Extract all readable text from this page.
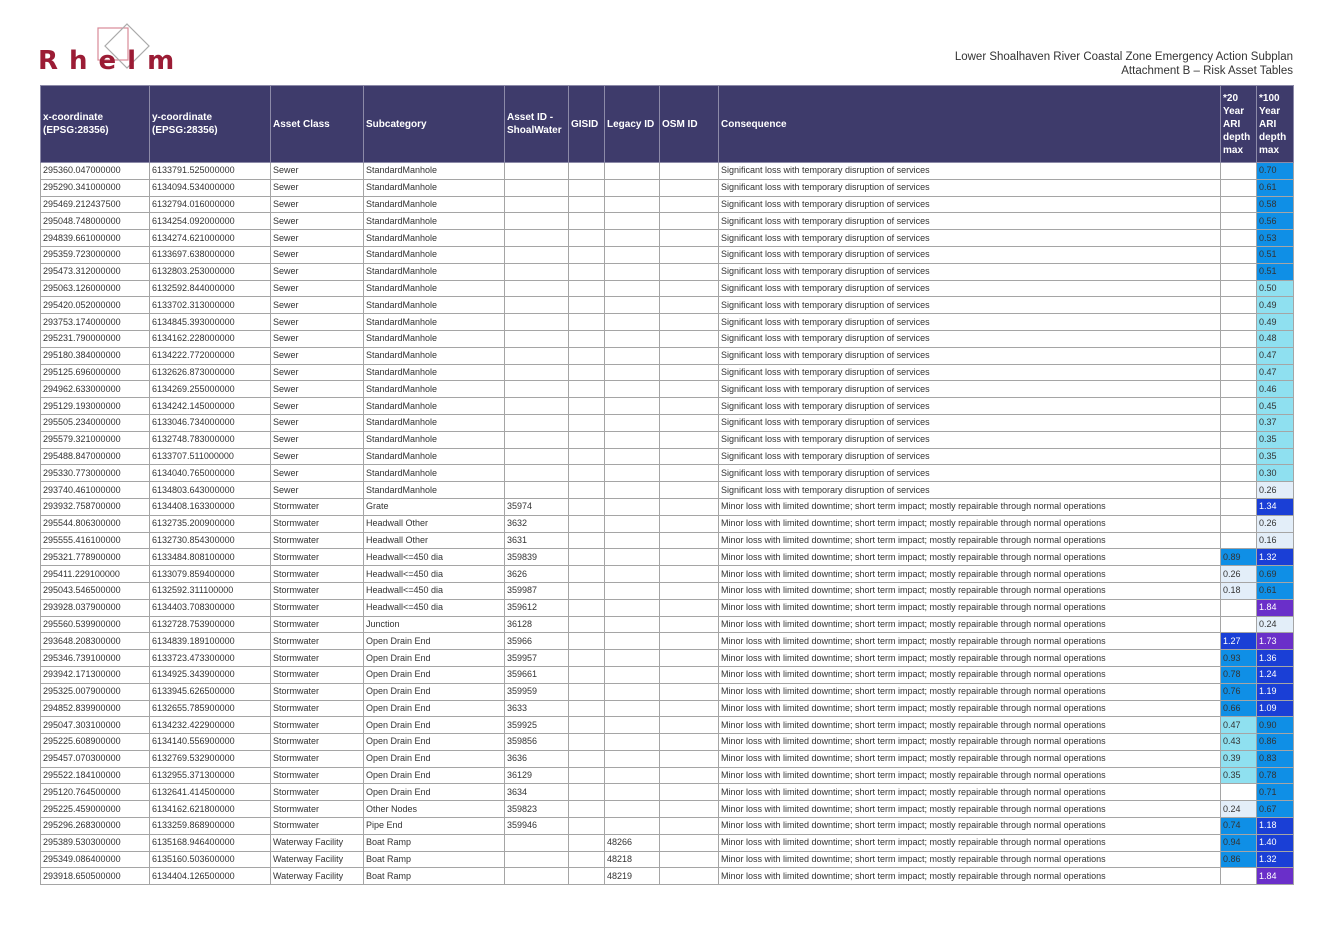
Rhelm	Lower Shoalhaven River Coastal Zone Emergency Action Subplan
Attachment B – Risk Asset Tables
x-coordinate (EPSG:28356)	y-coordinate (EPSG:28356)	Asset Class	Subcategory	Asset ID - ShoalWater	GISID	Legacy ID	OSM ID	Consequence	*20 Year ARI depth max	*100 Year ARI depth max
295360.047000000	6133791.525000000	Sewer	StandardManhole					Significant loss with temporary disruption of services		0.70
295290.341000000	6134094.534000000	Sewer	StandardManhole					Significant loss with temporary disruption of services		0.61
295469.212437500	6132794.016000000	Sewer	StandardManhole					Significant loss with temporary disruption of services		0.58
295048.748000000	6134254.092000000	Sewer	StandardManhole					Significant loss with temporary disruption of services		0.56
294839.661000000	6134274.621000000	Sewer	StandardManhole					Significant loss with temporary disruption of services		0.53
295359.723000000	6133697.638000000	Sewer	StandardManhole					Significant loss with temporary disruption of services		0.51
295473.312000000	6132803.253000000	Sewer	StandardManhole					Significant loss with temporary disruption of services		0.51
295063.126000000	6132592.844000000	Sewer	StandardManhole					Significant loss with temporary disruption of services		0.50
295420.052000000	6133702.313000000	Sewer	StandardManhole					Significant loss with temporary disruption of services		0.49
293753.174000000	6134845.393000000	Sewer	StandardManhole					Significant loss with temporary disruption of services		0.49
295231.790000000	6134162.228000000	Sewer	StandardManhole					Significant loss with temporary disruption of services		0.48
295180.384000000	6134222.772000000	Sewer	StandardManhole					Significant loss with temporary disruption of services		0.47
295125.696000000	6132626.873000000	Sewer	StandardManhole					Significant loss with temporary disruption of services		0.47
294962.633000000	6134269.255000000	Sewer	StandardManhole					Significant loss with temporary disruption of services		0.46
295129.193000000	6134242.145000000	Sewer	StandardManhole					Significant loss with temporary disruption of services		0.45
295505.234000000	6133046.734000000	Sewer	StandardManhole					Significant loss with temporary disruption of services		0.37
295579.321000000	6132748.783000000	Sewer	StandardManhole					Significant loss with temporary disruption of services		0.35
295488.847000000	6133707.511000000	Sewer	StandardManhole					Significant loss with temporary disruption of services		0.35
295330.773000000	6134040.765000000	Sewer	StandardManhole					Significant loss with temporary disruption of services		0.30
293740.461000000	6134803.643000000	Sewer	StandardManhole					Significant loss with temporary disruption of services		0.26
293932.758700000	6134408.163300000	Stormwater	Grate	35974				Minor loss with limited downtime; short term impact; mostly repairable through normal operations		1.34
295544.806300000	6132735.200900000	Stormwater	Headwall Other	3632				Minor loss with limited downtime; short term impact; mostly repairable through normal operations		0.26
295555.416100000	6132730.854300000	Stormwater	Headwall Other	3631				Minor loss with limited downtime; short term impact; mostly repairable through normal operations		0.16
295321.778900000	6133484.808100000	Stormwater	Headwall<=450 dia	359839				Minor loss with limited downtime; short term impact; mostly repairable through normal operations	0.89	1.32
295411.229100000	6133079.859400000	Stormwater	Headwall<=450 dia	3626				Minor loss with limited downtime; short term impact; mostly repairable through normal operations	0.26	0.69
295043.546500000	6132592.311100000	Stormwater	Headwall<=450 dia	359987				Minor loss with limited downtime; short term impact; mostly repairable through normal operations	0.18	0.61
293928.037900000	6134403.708300000	Stormwater	Headwall<=450 dia	359612				Minor loss with limited downtime; short term impact; mostly repairable through normal operations		1.84
295560.539900000	6132728.753900000	Stormwater	Junction	36128				Minor loss with limited downtime; short term impact; mostly repairable through normal operations		0.24
293648.208300000	6134839.189100000	Stormwater	Open Drain End	35966				Minor loss with limited downtime; short term impact; mostly repairable through normal operations	1.27	1.73
295346.739100000	6133723.473300000	Stormwater	Open Drain End	359957				Minor loss with limited downtime; short term impact; mostly repairable through normal operations	0.93	1.36
293942.171300000	6134925.343900000	Stormwater	Open Drain End	359661				Minor loss with limited downtime; short term impact; mostly repairable through normal operations	0.78	1.24
295325.007900000	6133945.626500000	Stormwater	Open Drain End	359959				Minor loss with limited downtime; short term impact; mostly repairable through normal operations	0.76	1.19
294852.839900000	6132655.785900000	Stormwater	Open Drain End	3633				Minor loss with limited downtime; short term impact; mostly repairable through normal operations	0.66	1.09
295047.303100000	6134232.422900000	Stormwater	Open Drain End	359925				Minor loss with limited downtime; short term impact; mostly repairable through normal operations	0.47	0.90
295225.608900000	6134140.556900000	Stormwater	Open Drain End	359856				Minor loss with limited downtime; short term impact; mostly repairable through normal operations	0.43	0.86
295457.070300000	6132769.532900000	Stormwater	Open Drain End	3636				Minor loss with limited downtime; short term impact; mostly repairable through normal operations	0.39	0.83
295522.184100000	6132955.371300000	Stormwater	Open Drain End	36129				Minor loss with limited downtime; short term impact; mostly repairable through normal operations	0.35	0.78
295120.764500000	6132641.414500000	Stormwater	Open Drain End	3634				Minor loss with limited downtime; short term impact; mostly repairable through normal operations		0.71
295225.459000000	6134162.621800000	Stormwater	Other Nodes	359823				Minor loss with limited downtime; short term impact; mostly repairable through normal operations	0.24	0.67
295296.268300000	6133259.868900000	Stormwater	Pipe End	359946				Minor loss with limited downtime; short term impact; mostly repairable through normal operations	0.74	1.18
295389.530300000	6135168.946400000	Waterway Facility	Boat Ramp			48266		Minor loss with limited downtime; short term impact; mostly repairable through normal operations	0.94	1.40
295349.086400000	6135160.503600000	Waterway Facility	Boat Ramp			48218		Minor loss with limited downtime; short term impact; mostly repairable through normal operations	0.86	1.32
293918.650500000	6134404.126500000	Waterway Facility	Boat Ramp			48219		Minor loss with limited downtime; short term impact; mostly repairable through normal operations		1.84
